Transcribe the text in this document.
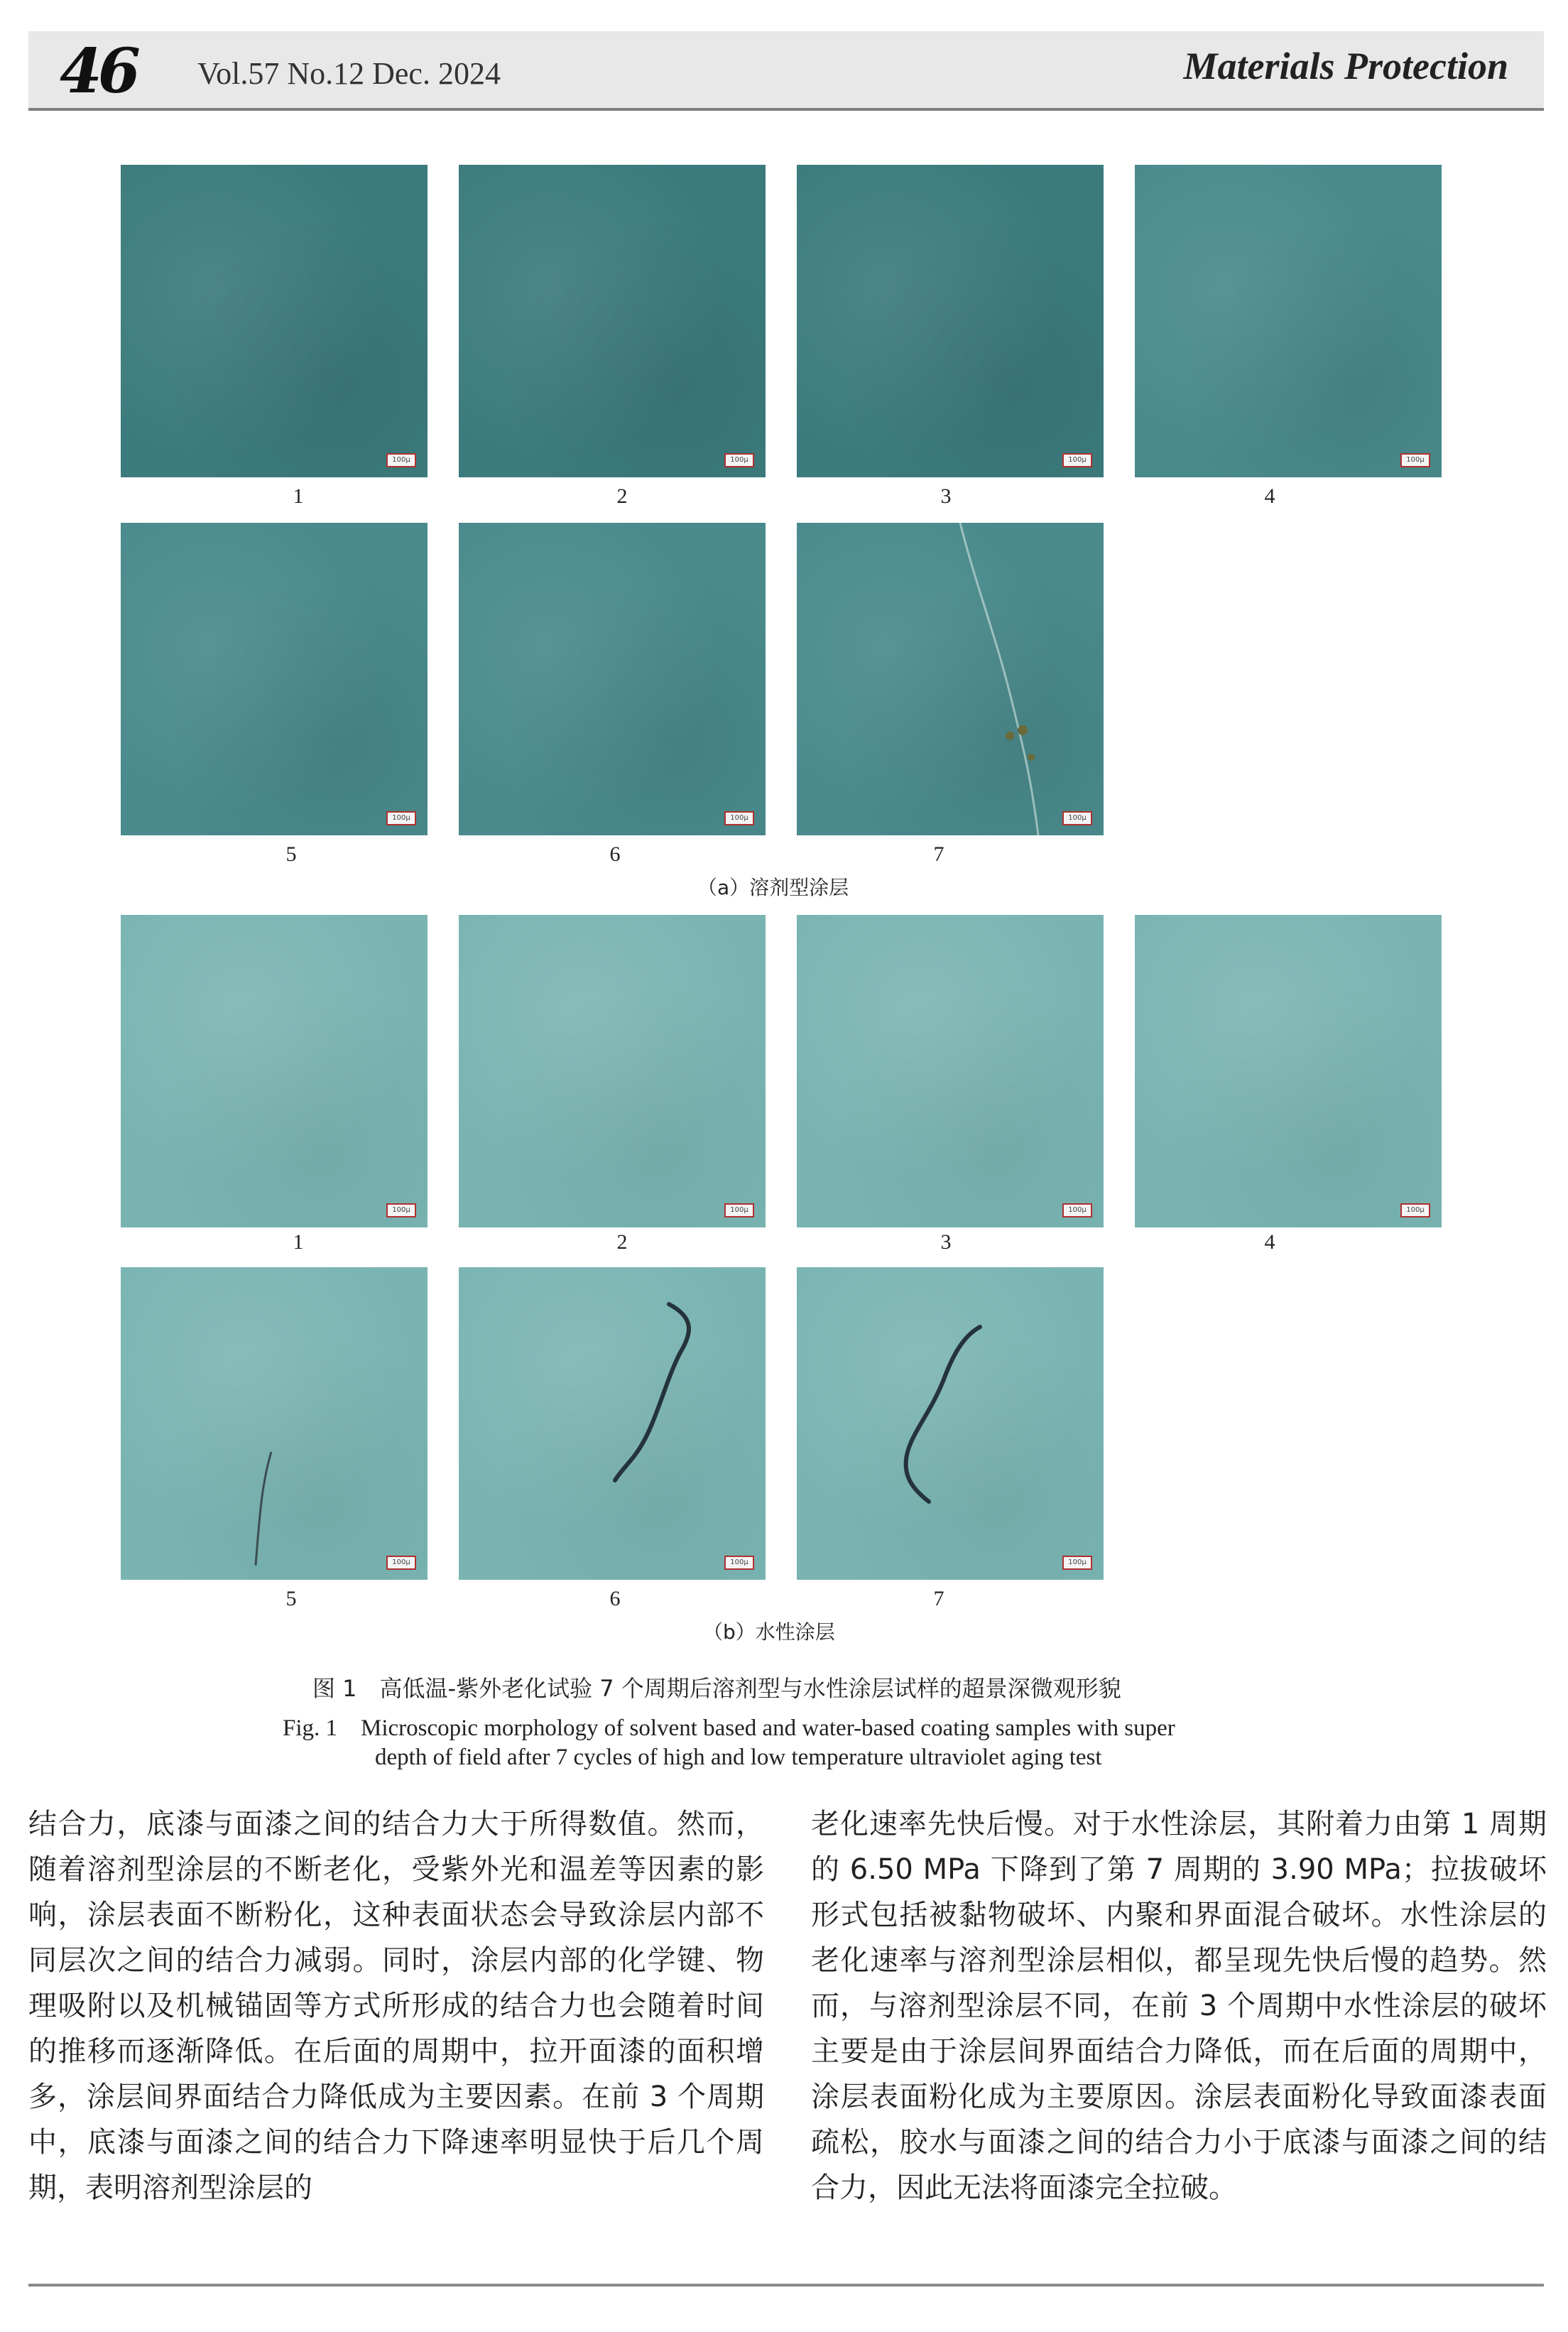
46 Vol.57 No.12 Dec. 2024	Materials Protection
100μ	100μ	100μ	100μ
1	2	3	4
100μ	100μ	100μ
5	6	7
（a）溶剂型涂层
100μ	100μ	100μ	100μ
1	2	3	4
100μ	100μ	100μ
5	6	7
（b）水性涂层
图 1　高低温-紫外老化试验 7 个周期后溶剂型与水性涂层试样的超景深微观形貌
Fig. 1　Microscopic morphology of solvent based and water-based coating samples with super
depth of field after 7 cycles of high and low temperature ultraviolet aging test

结合力，底漆与面漆之间的结合力大于所得数值。然而，随着溶剂型涂层的不断老化，受紫外光和温差等因素的影响，涂层表面不断粉化，这种表面状态会导致涂层内部不同层次之间的结合力减弱。同时，涂层内部的化学键、物理吸附以及机械锚固等方式所形成的结合力也会随着时间的推移而逐渐降低。在后面的周期中，拉开面漆的面积增多，涂层间界面结合力降低成为主要因素。在前 3 个周期中，底漆与面漆之间的结合力下降速率明显快于后几个周期，表明溶剂型涂层的

老化速率先快后慢。对于水性涂层，其附着力由第 1 周期的 6.50 MPa 下降到了第 7 周期的 3.90 MPa；拉拔破坏形式包括被黏物破坏、内聚和界面混合破坏。水性涂层的老化速率与溶剂型涂层相似，都呈现先快后慢的趋势。然而，与溶剂型涂层不同，在前 3 个周期中水性涂层的破坏主要是由于涂层间界面结合力降低，而在后面的周期中，涂层表面粉化成为主要原因。涂层表面粉化导致面漆表面疏松，胶水与面漆之间的结合力小于底漆与面漆之间的结合力，因此无法将面漆完全拉破。
